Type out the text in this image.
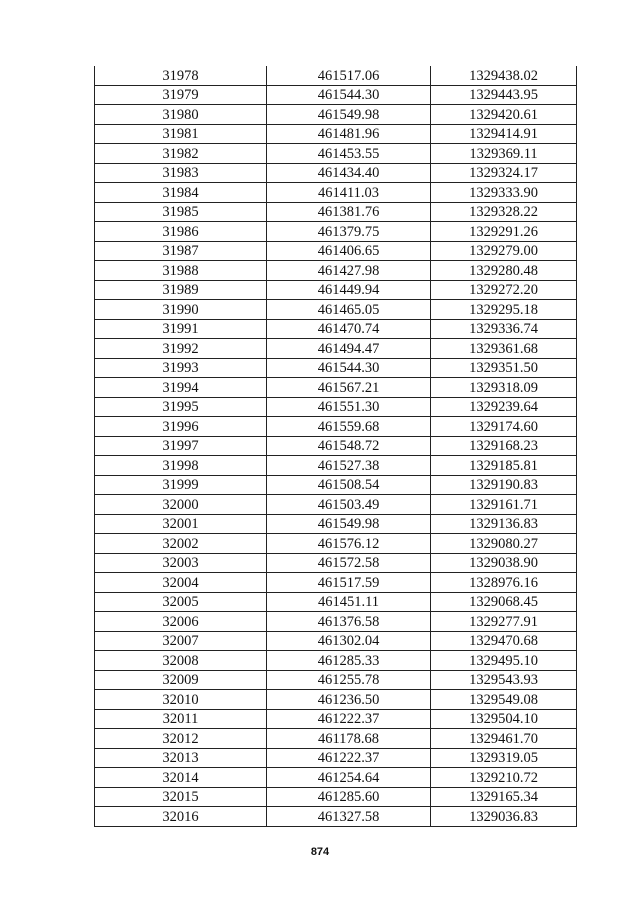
31978	461517.06	1329438.02
31979	461544.30	1329443.95
31980	461549.98	1329420.61
31981	461481.96	1329414.91
31982	461453.55	1329369.11
31983	461434.40	1329324.17
31984	461411.03	1329333.90
31985	461381.76	1329328.22
31986	461379.75	1329291.26
31987	461406.65	1329279.00
31988	461427.98	1329280.48
31989	461449.94	1329272.20
31990	461465.05	1329295.18
31991	461470.74	1329336.74
31992	461494.47	1329361.68
31993	461544.30	1329351.50
31994	461567.21	1329318.09
31995	461551.30	1329239.64
31996	461559.68	1329174.60
31997	461548.72	1329168.23
31998	461527.38	1329185.81
31999	461508.54	1329190.83
32000	461503.49	1329161.71
32001	461549.98	1329136.83
32002	461576.12	1329080.27
32003	461572.58	1329038.90
32004	461517.59	1328976.16
32005	461451.11	1329068.45
32006	461376.58	1329277.91
32007	461302.04	1329470.68
32008	461285.33	1329495.10
32009	461255.78	1329543.93
32010	461236.50	1329549.08
32011	461222.37	1329504.10
32012	461178.68	1329461.70
32013	461222.37	1329319.05
32014	461254.64	1329210.72
32015	461285.60	1329165.34
32016	461327.58	1329036.83
874
